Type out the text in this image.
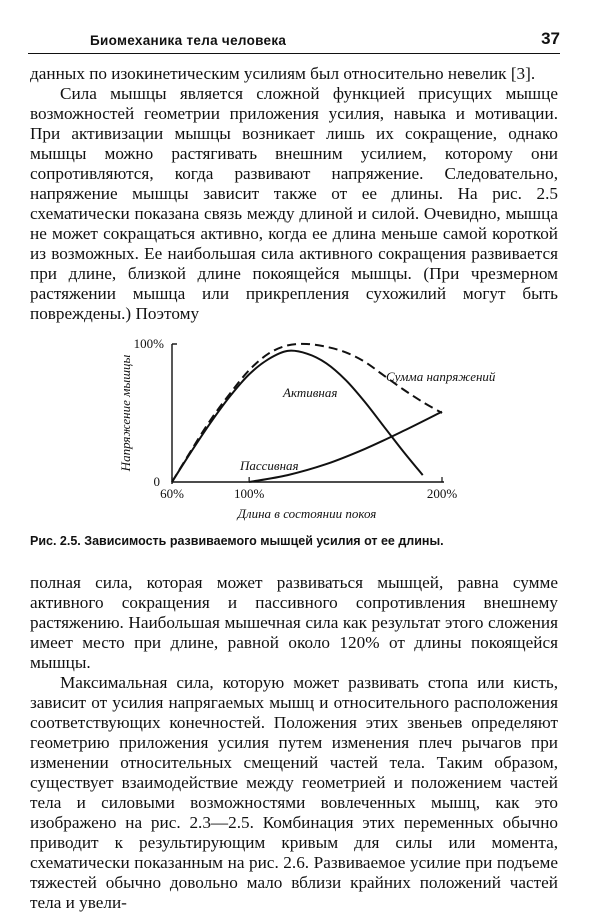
Биомеханика тела человека	37

данных по изокинетическим усилиям был относительно невелик [3].

Сила мышцы является сложной функцией присущих мышце возможностей геометрии приложения усилия, навыка и мотивации. При активизации мышцы возникает лишь их сокращение, однако мышцы можно растягивать внешним усилием, которому они сопротивляются, когда развивают напряжение. Следовательно, напряжение мышцы зависит также от ее длины. На рис. 2.5 схематически показана связь между длиной и силой. Очевидно, мышца не может сокращаться активно, когда ее длина меньше самой короткой из возможных. Ее наибольшая сила активного сокращения развивается при длине, близкой длине покоящейся мышцы. (При чрезмерном растяжении мышца или прикрепления сухожилий могут быть повреждены.) Поэтому

60%	100%	200%
100%
0
Длина в состоянии покоя
Напряжение мышцы	Активная
Пассивная
Сумма напряжений
Рис. 2.5. Зависимость развиваемого мышцей усилия от ее длины.

полная сила, которая может развиваться мышцей, равна сумме активного сокращения и пассивного сопротивления внешнему растяжению. Наибольшая мышечная сила как результат этого сложения имеет место при длине, равной около 120% от длины покоящейся мышцы.

Максимальная сила, которую может развивать стопа или кисть, зависит от усилия напрягаемых мышц и относительного расположения соответствующих конечностей. Положения этих звеньев определяют геометрию приложения усилия путем изменения плеч рычагов при изменении относительных смещений частей тела. Таким образом, существует взаимодействие между геометрией и положением частей тела и силовыми возможностями вовлеченных мышц, как это изображено на рис. 2.3—2.5. Комбинация этих переменных обычно приводит к результирующим кривым для силы или момента, схематически показанным на рис. 2.6. Развиваемое усилие при подъеме тяжестей обычно довольно мало вблизи крайних положений частей тела и увели-
